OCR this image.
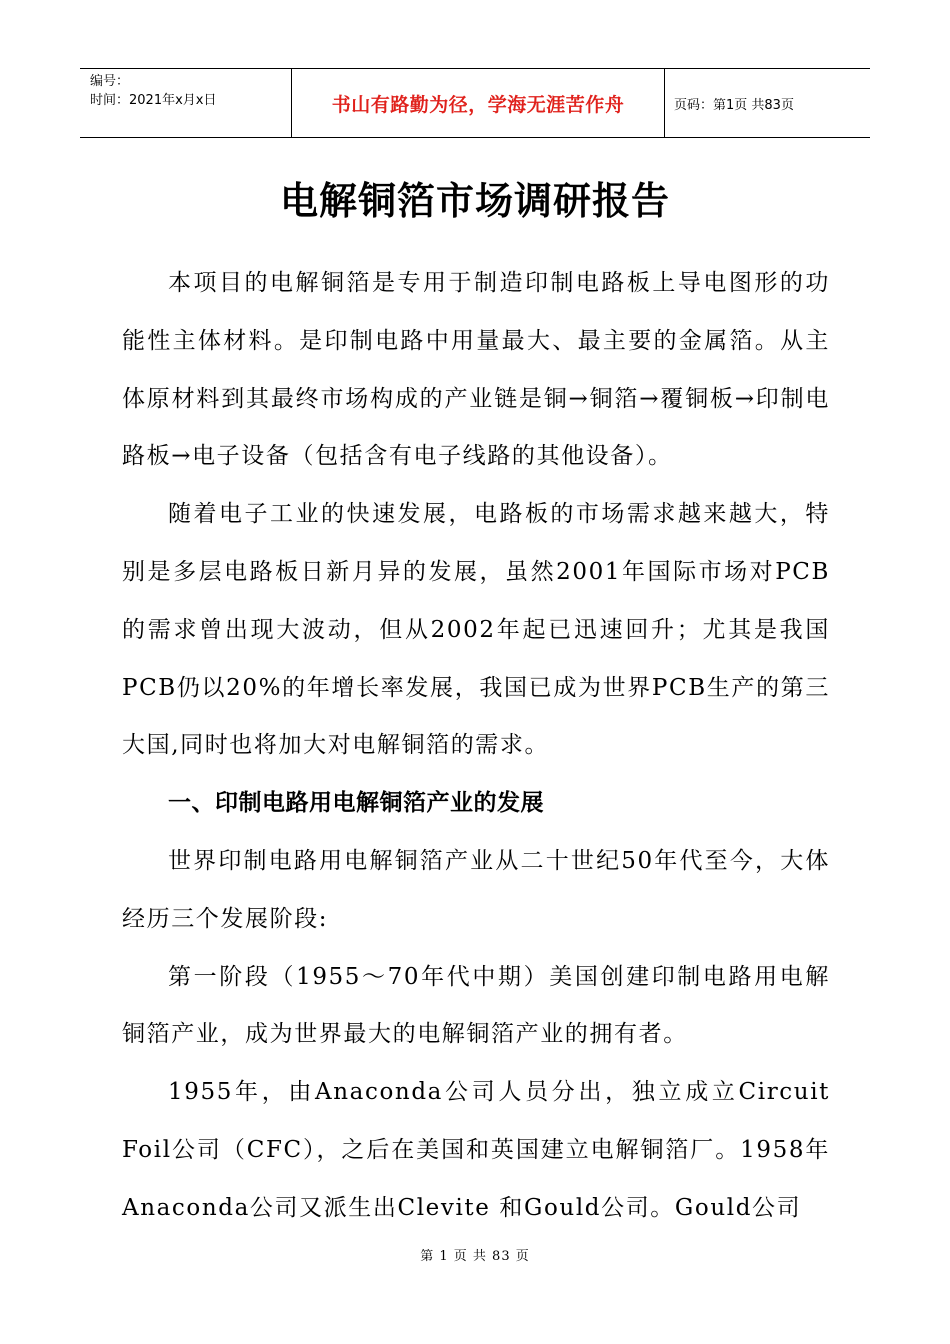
编号：
时间：2021年x月x日	书山有路勤为径，学海无涯苦作舟	页码：第1页 共83页
电解铜箔市场调研报告

本项目的电解铜箔是专用于制造印制电路板上导电图形的功能性主体材料。是印制电路中用量最大、最主要的金属箔。从主体原材料到其最终市场构成的产业链是铜→铜箔→覆铜板→印制电路板→电子设备（包括含有电子线路的其他设备）。

随着电子工业的快速发展，电路板的市场需求越来越大，特别是多层电路板日新月异的发展，虽然2001年国际市场对PCB的需求曾出现大波动，但从2002年起已迅速回升；尤其是我国PCB仍以20%的年增长率发展，我国已成为世界PCB生产的第三大国,同时也将加大对电解铜箔的需求。

一、印制电路用电解铜箔产业的发展

世界印制电路用电解铜箔产业从二十世纪50年代至今，大体经历三个发展阶段:

第一阶段（1955～70年代中期）美国创建印制电路用电解铜箔产业，成为世界最大的电解铜箔产业的拥有者。

1955年，由Anaconda公司人员分出，独立成立Circuit Foil公司（CFC），之后在美国和英国建立电解铜箔厂。1958年Anaconda公司又派生出Clevite 和Gould公司。Gould公司

第 1 页 共 83 页
